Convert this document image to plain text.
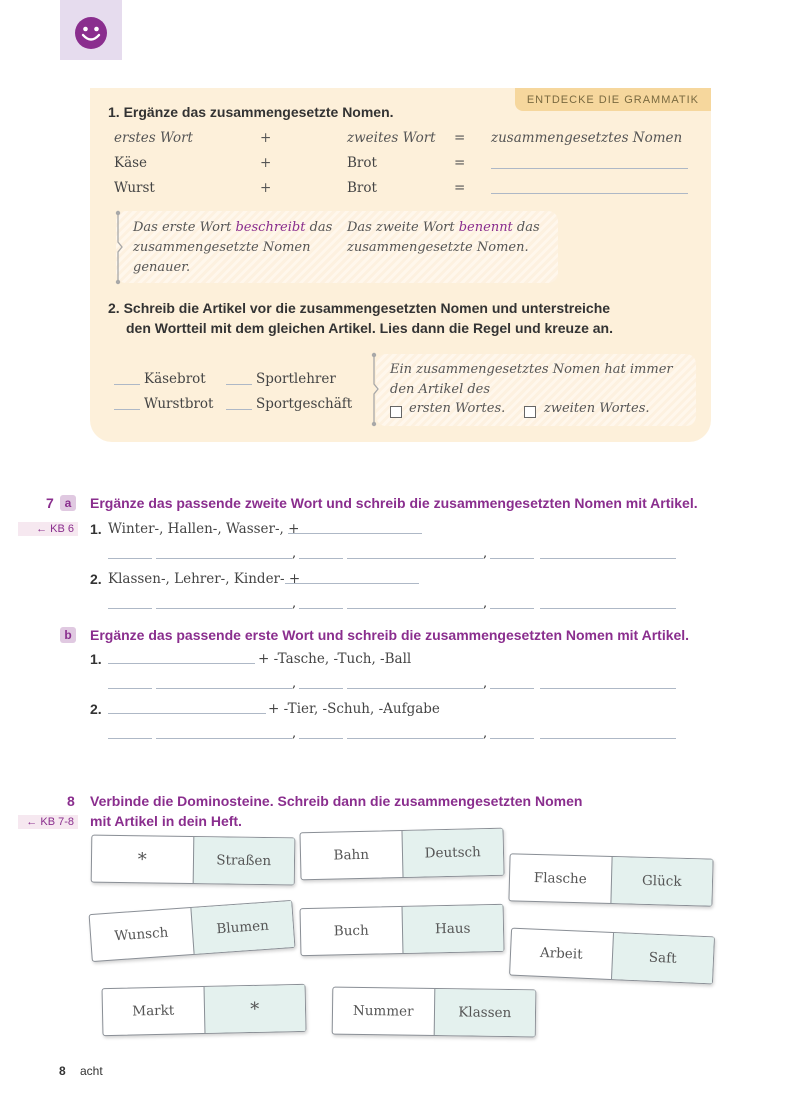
ENTDECKE DIE GRAMMATIK
1. Ergänze das zusammengesetzte Nomen.
erstes Wort	+	zweites Wort = zusammengesetztes Nomen
Käse	+	Brot	=
Wurst	+	Brot	=
Das erste Wort beschreibt das zusammengesetzte Nomen genauer.
Das zweite Wort benennt das zusammengesetzte Nomen.
2. Schreib die Artikel vor die zusammengesetzten Nomen und unterstreiche
den Wortteil mit dem gleichen Artikel. Lies dann die Regel und kreuze an.
Käsebrot	Sportlehrer
Wurstbrot	Sportgeschäft
Ein zusammengesetztes Nomen hat immer den Artikel des
ersten Wortes.	zweiten Wortes.
7 a	Ergänze das passende zweite Wort und schreib die zusammengesetzten Nomen mit Artikel.
← KB 6 1. Winter-, Hallen-, Wasser-, +
,	,
2. Klassen-, Lehrer-, Kinder- +
,	,
b	Ergänze das passende erste Wort und schreib die zusammengesetzten Nomen mit Artikel.
1.	+ -Tasche, -Tuch, -Ball
,	,
2.	+ -Tier, -Schuh, -Aufgabe
,	,
8 Verbinde die Dominosteine. Schreib dann die zusammengesetzten Nomen
mit Artikel in dein Heft.
← KB 7-8
*	Straßen	Bahn	Deutsch
Flasche	Glück
Wunsch	Blumen	Buch	Haus
Arbeit	Saft
Markt	*	Nummer	Klassen
8 acht
